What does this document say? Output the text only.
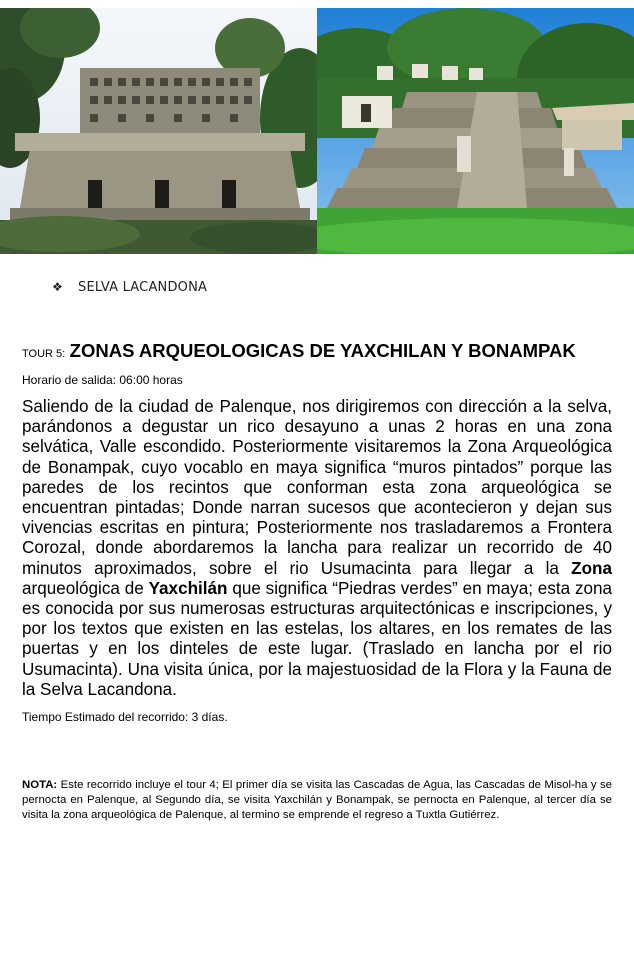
❖ SELVA LACANDONA
TOUR 5: ZONAS ARQUEOLOGICAS DE YAXCHILAN Y BONAMPAK
Horario de salida: 06:00 horas
Saliendo de la ciudad de Palenque, nos dirigiremos con dirección a la selva, parándonos a degustar un rico desayuno a unas 2 horas en una zona selvática, Valle escondido. Posteriormente visitaremos la Zona Arqueológica de Bonampak, cuyo vocablo en maya significa “muros pintados” porque las paredes de los recintos que conforman esta zona arqueológica se encuentran pintadas; Donde narran sucesos que acontecieron y dejan sus vivencias escritas en pintura; Posteriormente nos trasladaremos a Frontera Corozal, donde abordaremos la lancha para realizar un recorrido de 40 minutos aproximados, sobre el rio Usumacinta para llegar a la Zona arqueológica de Yaxchilán que significa “Piedras verdes” en maya; esta zona es conocida por sus numerosas estructuras arquitectónicas e inscripciones, y por los textos que existen en las estelas, los altares, en los remates de las puertas y en los dinteles de este lugar. (Traslado en lancha por el rio Usumacinta). Una visita única, por la majestuosidad de la Flora y la Fauna de la Selva Lacandona.
Tiempo Estimado del recorrido: 3 días.
NOTA: Este recorrido incluye el tour 4; El primer día se visita las Cascadas de Agua, las Cascadas de Misol-ha y se pernocta en Palenque, al Segundo día, se visita Yaxchilán y Bonampak, se pernocta en Palenque, al tercer día se visita la zona arqueológica de Palenque, al termino se emprende el regreso a Tuxtla Gutiérrez.
